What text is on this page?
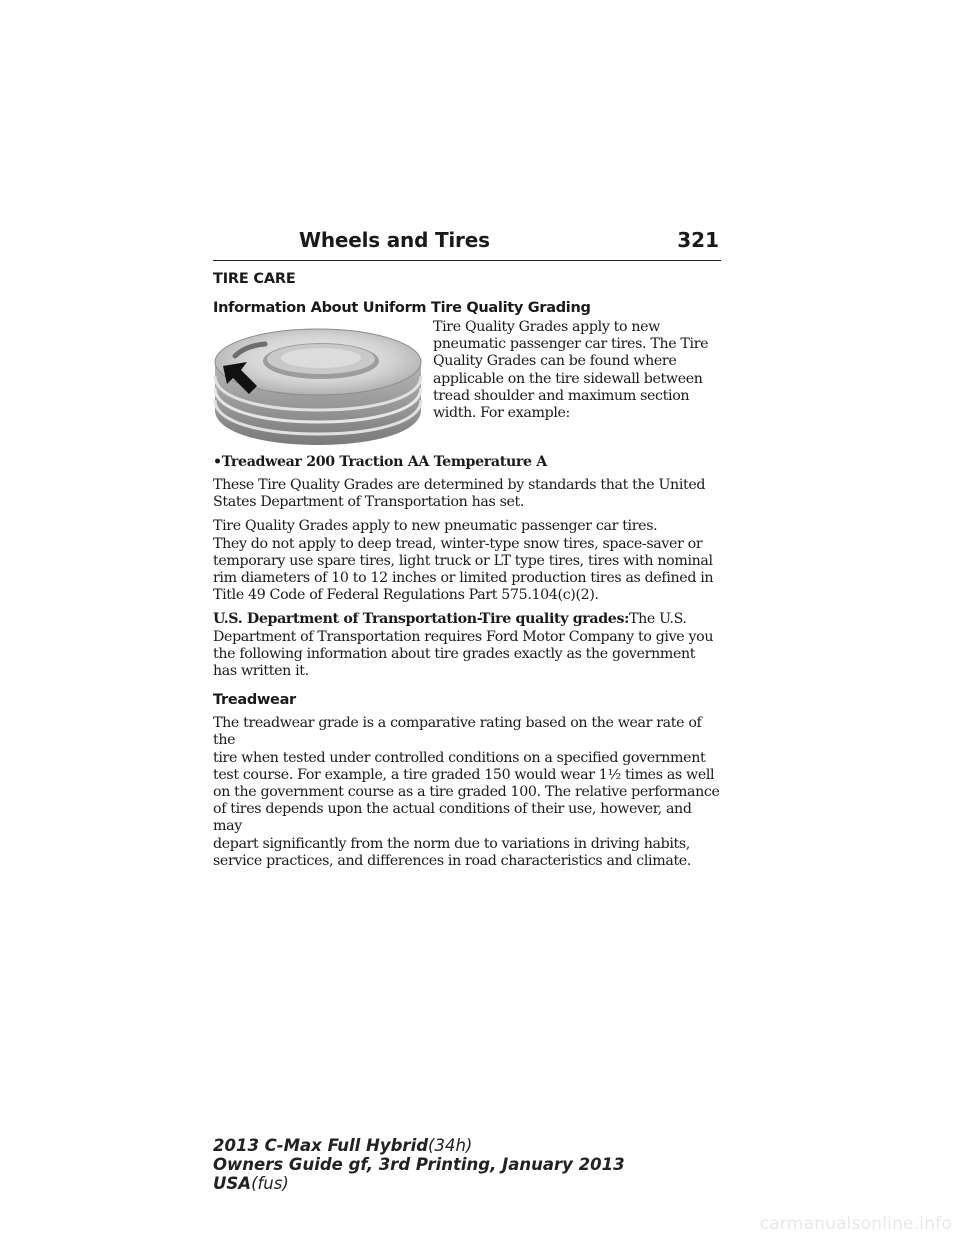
Wheels and Tires	321
TIRE CARE
Information About Uniform Tire Quality Grading
Tire Quality Grades apply to new
pneumatic passenger car tires. The Tire
Quality Grades can be found where
applicable on the tire sidewall between
tread shoulder and maximum section
width. For example:
•Treadwear 200 Traction AA Temperature A

These Tire Quality Grades are determined by standards that the United

States Department of Transportation has set.

Tire Quality Grades apply to new pneumatic passenger car tires.

They do not apply to deep tread, winter-type snow tires, space-saver or

temporary use spare tires, light truck or LT type tires, tires with nominal

rim diameters of 10 to 12 inches or limited production tires as defined in

Title 49 Code of Federal Regulations Part 575.104(c)(2).

U.S. Department of Transportation-Tire quality grades:The U.S.

Department of Transportation requires Ford Motor Company to give you

the following information about tire grades exactly as the government

has written it.

Treadwear

The treadwear grade is a comparative rating based on the wear rate of the

tire when tested under controlled conditions on a specified government

test course. For example, a tire graded 150 would wear 1½ times as well

on the government course as a tire graded 100. The relative performance

of tires depends upon the actual conditions of their use, however, and may

depart significantly from the norm due to variations in driving habits,

service practices, and differences in road characteristics and climate.

2013 C-Max Full Hybrid(34h)
Owners Guide gf, 3rd Printing, January 2013
USA(fus)
carmanualsonline.info
